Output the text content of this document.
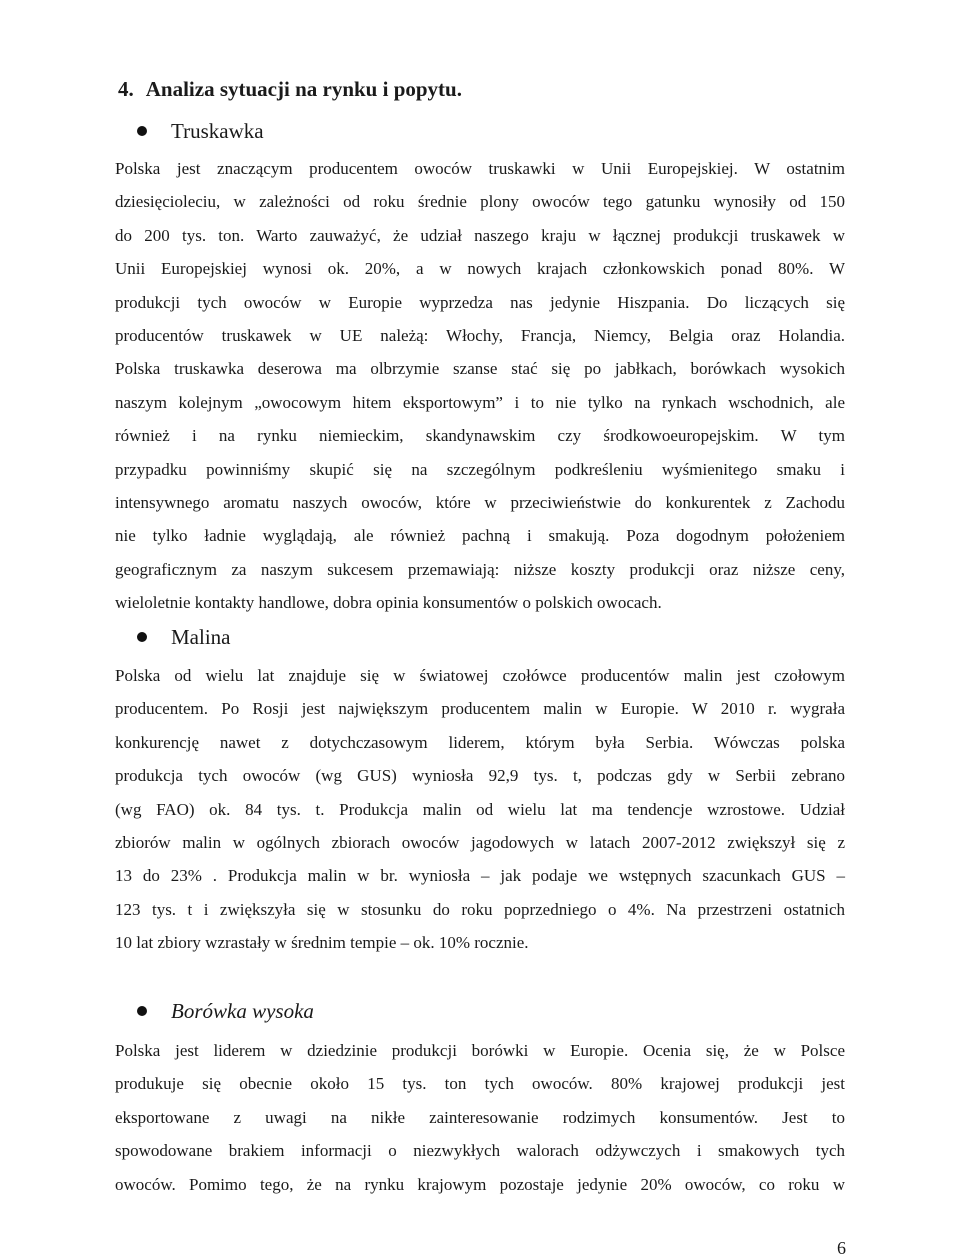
4. Analiza sytuacji na rynku i popytu.
Truskawka
Polska jest znaczącym producentem owoców truskawki w Unii Europejskiej. W ostatnim
dziesięcioleciu, w zależności od roku średnie plony owoców tego gatunku wynosiły od 150
do 200 tys. ton. Warto zauważyć, że udział naszego kraju w łącznej produkcji truskawek w
Unii Europejskiej wynosi ok. 20%, a w nowych krajach członkowskich ponad 80%. W
produkcji tych owoców w Europie wyprzedza nas jedynie Hiszpania. Do liczących się
producentów truskawek w UE należą: Włochy, Francja, Niemcy, Belgia oraz Holandia.
Polska truskawka deserowa ma olbrzymie szanse stać się po jabłkach, borówkach wysokich
naszym kolejnym „owocowym hitem eksportowym” i to nie tylko na rynkach wschodnich, ale
również i na rynku niemieckim, skandynawskim czy środkowoeuropejskim. W tym
przypadku powinniśmy skupić się na szczególnym podkreśleniu wyśmienitego smaku i
intensywnego aromatu naszych owoców, które w przeciwieństwie do konkurentek z Zachodu
nie tylko ładnie wyglądają, ale również pachną i smakują. Poza dogodnym położeniem
geograficznym za naszym sukcesem przemawiają: niższe koszty produkcji oraz niższe ceny,
wieloletnie kontakty handlowe, dobra opinia konsumentów o polskich owocach.
Malina
Polska od wielu lat znajduje się w światowej czołówce producentów malin jest czołowym
producentem. Po Rosji jest największym producentem malin w Europie. W 2010 r. wygrała
konkurencję nawet z dotychczasowym liderem, którym była Serbia. Wówczas polska
produkcja tych owoców (wg GUS) wyniosła 92,9 tys. t, podczas gdy w Serbii zebrano
(wg FAO) ok. 84 tys. t. Produkcja malin od wielu lat ma tendencje wzrostowe. Udział
zbiorów malin w ogólnych zbiorach owoców jagodowych w latach 2007-2012 zwiększył się z
13 do 23% . Produkcja malin w br. wyniosła – jak podaje we wstępnych szacunkach GUS –
123 tys. t i zwiększyła się w stosunku do roku poprzedniego o 4%. Na przestrzeni ostatnich
10 lat zbiory wzrastały w średnim tempie – ok. 10% rocznie.
Borówka wysoka
Polska jest liderem w dziedzinie produkcji borówki w Europie. Ocenia się, że w Polsce
produkuje się obecnie około 15 tys. ton tych owoców. 80% krajowej produkcji jest
eksportowane z uwagi na nikłe zainteresowanie rodzimych konsumentów. Jest to
spowodowane brakiem informacji o niezwykłych walorach odżywczych i smakowych tych
owoców. Pomimo tego, że na rynku krajowym pozostaje jedynie 20% owoców, co roku w
6
